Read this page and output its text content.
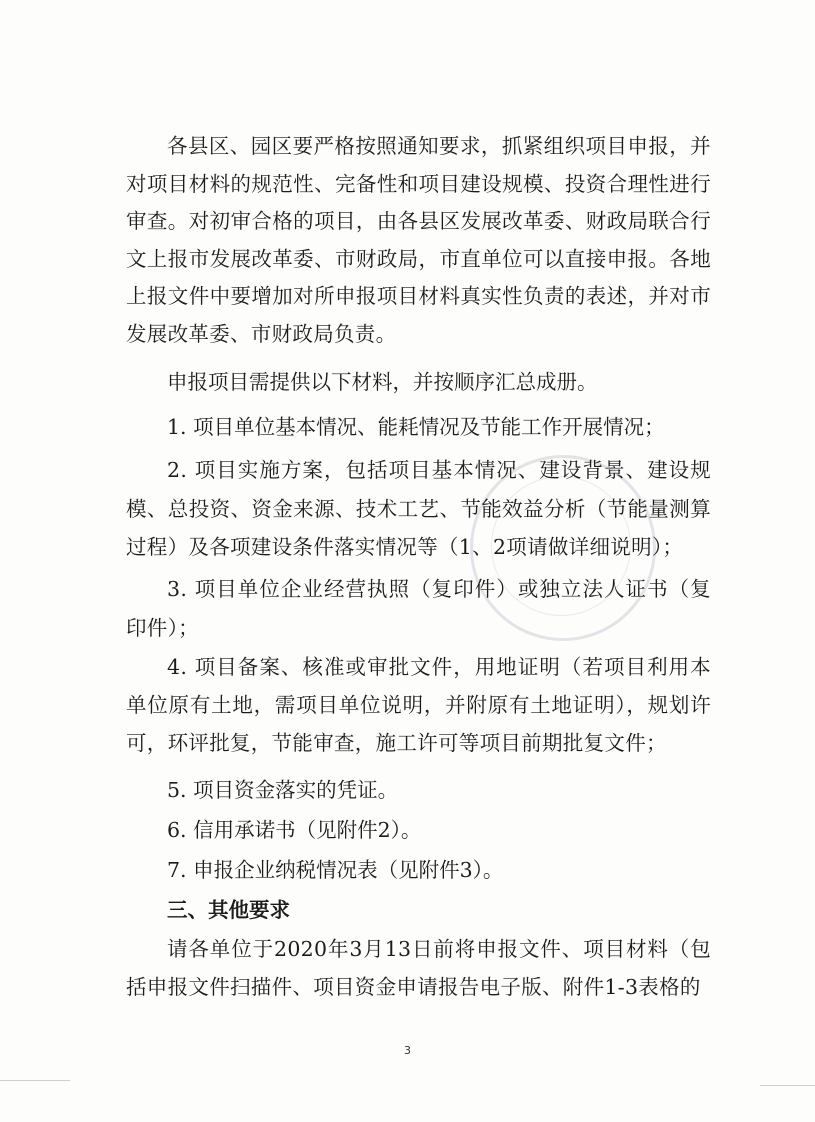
各县区、园区要严格按照通知要求，抓紧组织项目申报，并对项目材料的规范性、完备性和项目建设规模、投资合理性进行审查。对初审合格的项目，由各县区发展改革委、财政局联合行文上报市发展改革委、市财政局，市直单位可以直接申报。各地上报文件中要增加对所申报项目材料真实性负责的表述，并对市发展改革委、市财政局负责。

申报项目需提供以下材料，并按顺序汇总成册。

1. 项目单位基本情况、能耗情况及节能工作开展情况；

2. 项目实施方案，包括项目基本情况、建设背景、建设规模、总投资、资金来源、技术工艺、节能效益分析（节能量测算过程）及各项建设条件落实情况等（1、2项请做详细说明）；

3. 项目单位企业经营执照（复印件）或独立法人证书（复印件）；

4. 项目备案、核准或审批文件，用地证明（若项目利用本单位原有土地，需项目单位说明，并附原有土地证明），规划许可，环评批复，节能审查，施工许可等项目前期批复文件；

5. 项目资金落实的凭证。

6. 信用承诺书（见附件2）。

7. 申报企业纳税情况表（见附件3）。

三、其他要求

请各单位于2020年3月13日前将申报文件、项目材料（包括申报文件扫描件、项目资金申请报告电子版、附件1-3表格的

3
